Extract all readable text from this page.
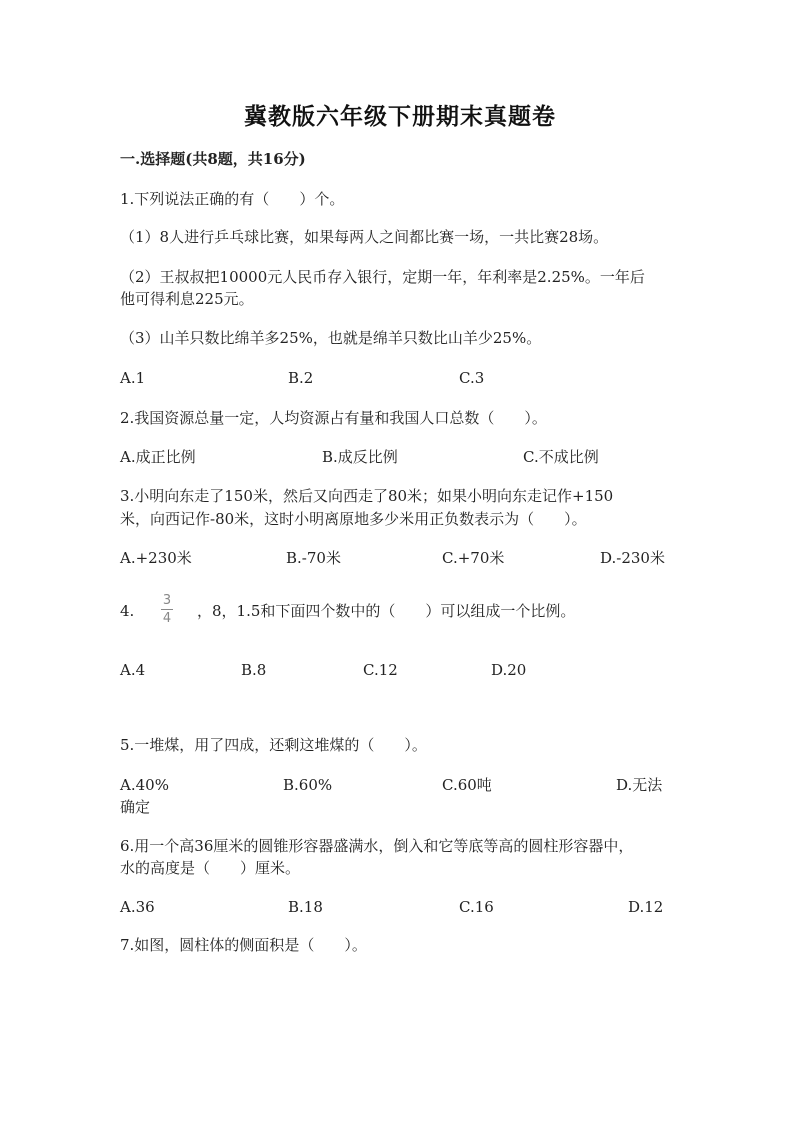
冀教版六年级下册期末真题卷
一.选择题(共8题，共16分)
1.下列说法正确的有（　　）个。
（1）8人进行乒乓球比赛，如果每两人之间都比赛一场，一共比赛28场。
（2）王叔叔把10000元人民币存入银行，定期一年，年利率是2.25%。一年后
他可得利息225元。
（3）山羊只数比绵羊多25%，也就是绵羊只数比山羊少25%。
A.1	B.2	C.3
2.我国资源总量一定，人均资源占有量和我国人口总数（　　）。
A.成正比例	B.成反比例	C.不成比例
3.小明向东走了150米，然后又向西走了80米；如果小明向东走记作+150
米，向西记作-80米，这时小明离原地多少米用正负数表示为（　　）。
A.+230米	B.-70米	C.+70米	D.-230米
4.
3
4 ，8，1.5和下面四个数中的（　　）可以组成一个比例。
A.4	B.8	C.12	D.20
5.一堆煤，用了四成，还剩这堆煤的（　　）。
A.40%	B.60%	C.60吨	D.无法
确定
6.用一个高36厘米的圆锥形容器盛满水，倒入和它等底等高的圆柱形容器中，
水的高度是（　　）厘米。
A.36	B.18	C.16	D.12
7.如图，圆柱体的侧面积是（　　）。
